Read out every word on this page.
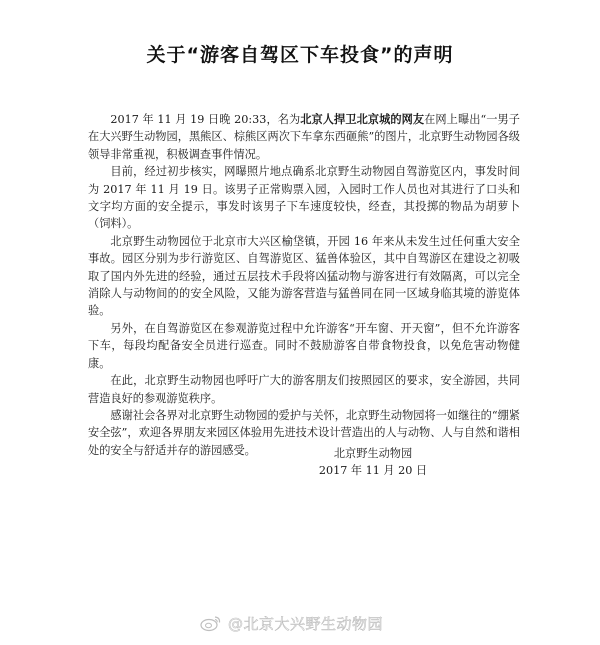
关于“游客自驾区下车投食”的声明

2017 年 11 月 19 日晚 20:33，名为北京人捍卫北京城的网友在网上曝出“一男子在大兴野生动物园，黑熊区、棕熊区两次下车拿东西砸熊”的图片，北京野生动物园各级领导非常重视，积极调查事件情况。

目前，经过初步核实，网曝照片地点确系北京野生动物园自驾游览区内，事发时间为 2017 年 11 月 19 日。该男子正常购票入园，入园时工作人员也对其进行了口头和文字均方面的安全提示，事发时该男子下车速度较快，经查，其投掷的物品为胡萝卜（饲料）。

北京野生动物园位于北京市大兴区榆垡镇，开园 16 年来从未发生过任何重大安全事故。园区分别为步行游览区、自驾游览区、猛兽体验区，其中自驾游区在建设之初吸取了国内外先进的经验，通过五层技术手段将凶猛动物与游客进行有效隔离，可以完全消除人与动物间的的安全风险，又能为游客营造与猛兽同在同一区域身临其境的游览体验。

另外，在自驾游览区在参观游览过程中允许游客“开车窗、开天窗”，但不允许游客下车，每段均配备安全员进行巡查。同时不鼓励游客自带食物投食，以免危害动物健康。

在此，北京野生动物园也呼吁广大的游客朋友们按照园区的要求，安全游园，共同营造良好的参观游览秩序。

感谢社会各界对北京野生动物园的爱护与关怀，北京野生动物园将一如继往的“绷紧安全弦”，欢迎各界朋友来园区体验用先进技术设计营造出的人与动物、人与自然和谐相处的安全与舒适并存的游园感受。	北京野生动物园
2017 年 11 月 20 日
@北京大兴野生动物园
